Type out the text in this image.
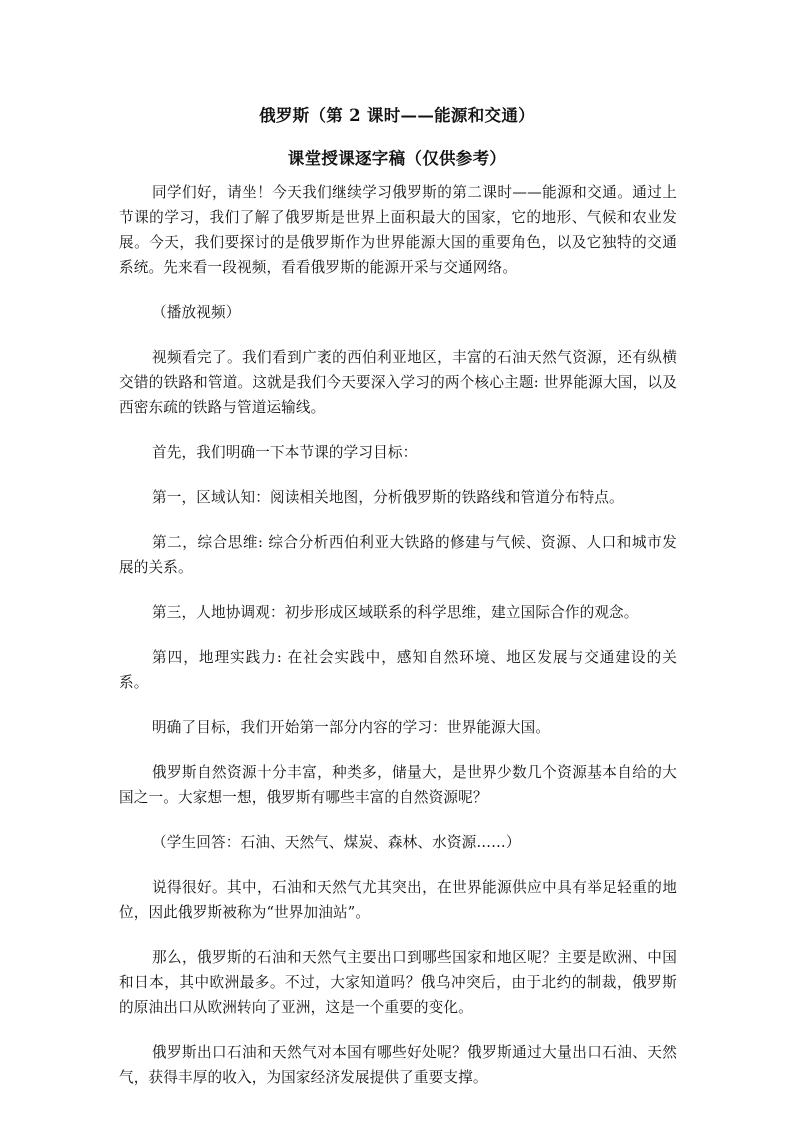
俄罗斯（第 2 课时——能源和交通）
课堂授课逐字稿（仅供参考）

同学们好，请坐！今天我们继续学习俄罗斯的第二课时——能源和交通。通过上节课的学习，我们了解了俄罗斯是世界上面积最大的国家，它的地形、气候和农业发展。今天，我们要探讨的是俄罗斯作为世界能源大国的重要角色，以及它独特的交通系统。先来看一段视频，看看俄罗斯的能源开采与交通网络。

（播放视频）

视频看完了。我们看到广袤的西伯利亚地区，丰富的石油天然气资源，还有纵横交错的铁路和管道。这就是我们今天要深入学习的两个核心主题: 世界能源大国，以及西密东疏的铁路与管道运输线。

首先，我们明确一下本节课的学习目标：

第一，区域认知：阅读相关地图，分析俄罗斯的铁路线和管道分布特点。

第二，综合思维: 综合分析西伯利亚大铁路的修建与气候、资源、人口和城市发展的关系。

第三，人地协调观：初步形成区域联系的科学思维，建立国际合作的观念。

第四，地理实践力: 在社会实践中，感知自然环境、地区发展与交通建设的关系。

明确了目标，我们开始第一部分内容的学习：世界能源大国。

俄罗斯自然资源十分丰富，种类多，储量大，是世界少数几个资源基本自给的大国之一。大家想一想，俄罗斯有哪些丰富的自然资源呢？

（学生回答：石油、天然气、煤炭、森林、水资源……）

说得很好。其中，石油和天然气尤其突出，在世界能源供应中具有举足轻重的地位，因此俄罗斯被称为“世界加油站”。

那么，俄罗斯的石油和天然气主要出口到哪些国家和地区呢？主要是欧洲、中国和日本，其中欧洲最多。不过，大家知道吗？俄乌冲突后，由于北约的制裁，俄罗斯的原油出口从欧洲转向了亚洲，这是一个重要的变化。

俄罗斯出口石油和天然气对本国有哪些好处呢？俄罗斯通过大量出口石油、天然气，获得丰厚的收入，为国家经济发展提供了重要支撑。
